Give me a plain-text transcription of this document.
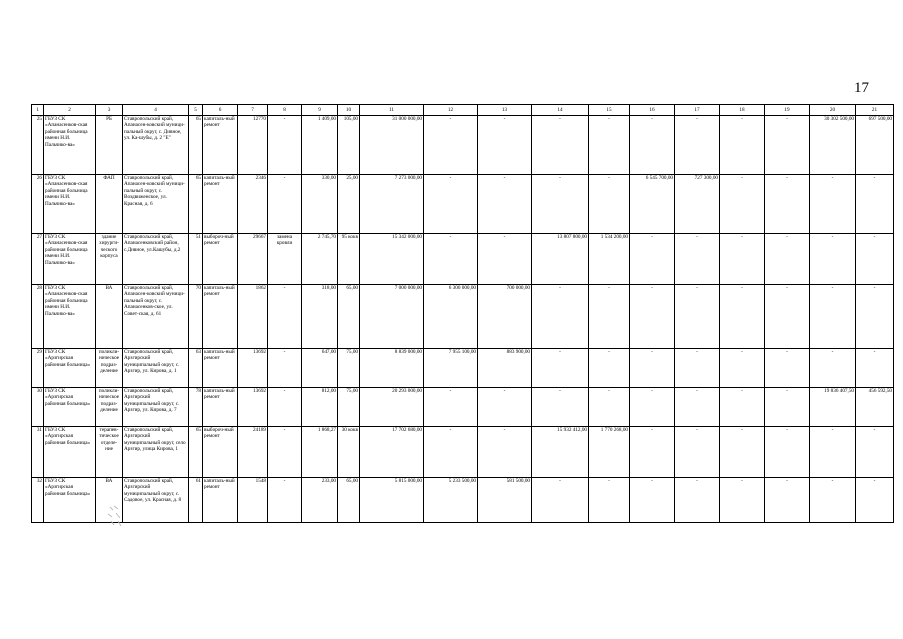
17
1	2	3	4	5	6	7	8	9	10	11	12	13	14	15	16	17	18	19	20	21
25	ГБУЗ СК «Апанасенков-ская районная больница имени Н.И. Пальчико-ва»	РБ	Ставропольский край, Апанасен-ковский муници-пальный округ, с. Дивное, ул. Ка-шубы, д. 2 "Е"	65	капиталь-ный ремонт	12770	-	1 409,00	105,00	31 000 000,00	-	-	-	-	-	-	-	-	30 302 500,00	697 500,00
26	ГБУЗ СК «Апанасенков-ская районная больница имени Н.И. Пальчико-ва»	ФАП	Ставропольский край, Апанасен-ковский муници-пальный округ, с. Воздвиженское, ул. Красная, д. 6	65	капиталь-ный ремонт	2346	-	330,00	25,00	7 273 000,00	-	-	-	-	6 545 700,00	727 300,00	-	-	-	-
27	ГБУЗ СК «Апанасенков-ская районная больница имени Н.И. Пальчико-ва»	здание хирурги-ческого корпуса	Ставропольский край, Апанасенковский район, с.Дивное, ул.Кашубы, д.2	51	выбороч-ный ремонт	29667	замена кровли	2 745,70	95 кокв	15 342 000,00	-	-	13 807 800,00	1 534 200,00	-	-	-	-	-	-
28	ГБУЗ СК «Апанасенков-ская районная больница имени Н.И. Пальчико-ва»	ВА	Ставропольский край, Апанасен-ковский муници-пальный округ, с. Апанасенков-ское, ул. Совет-ская, д. 61	70	капиталь-ный ремонт	1862	-	318,00	65,00	7 000 000,00	6 300 000,00	700 000,00	-	-	-	-	-	-	-	-
29	ГБУЗ СК «Арзгирская районная больница»	поликли-ническое подраз-деление	Ставропольский край, Арзгирский муниципальный округ, с. Арзгир, ул. Кирова, д. 1	63	капиталь-ный ремонт	13692	-	647,00	75,00	8 839 000,00	7 955 100,00	883 900,00	-	-	-	-	-	-	-	-
30	ГБУЗ СК «Арзгирская районная больница»	поликли-ническое подраз-деление	Ставропольский край, Арзгирский муниципальный округ, с. Арзгир, ул. Кирова, д. 7	78	капиталь-ный ремонт	13692	-	812,00	75,00	20 293 000,00	-	-	-	-	-	-	-	-	19 836 407,50	456 592,50
31	ГБУЗ СК «Арзгирская районная больница»	терапев-тическое отделе-ние	Ставропольский край, Арзгирский муниципальный округ, село Арзгир, улица Кирова, 1	65	выбороч-ный ремонт	24189	-	1 868,27	30 кокв	17 702 680,00	-	-	15 932 412,00	1 770 268,00	-	-	-	-	-	-
32	ГБУЗ СК «Арзгирская районная больница»	ВА	Ставропольский край, Арзгирский муниципальный округ, с. Садовое, ул. Красная, д. 8	61	капиталь-ный ремонт	1548	-	233,00	65,00	5 815 000,00	5 233 500,00	581 500,00	-	-	-	-	-	-	-	-
